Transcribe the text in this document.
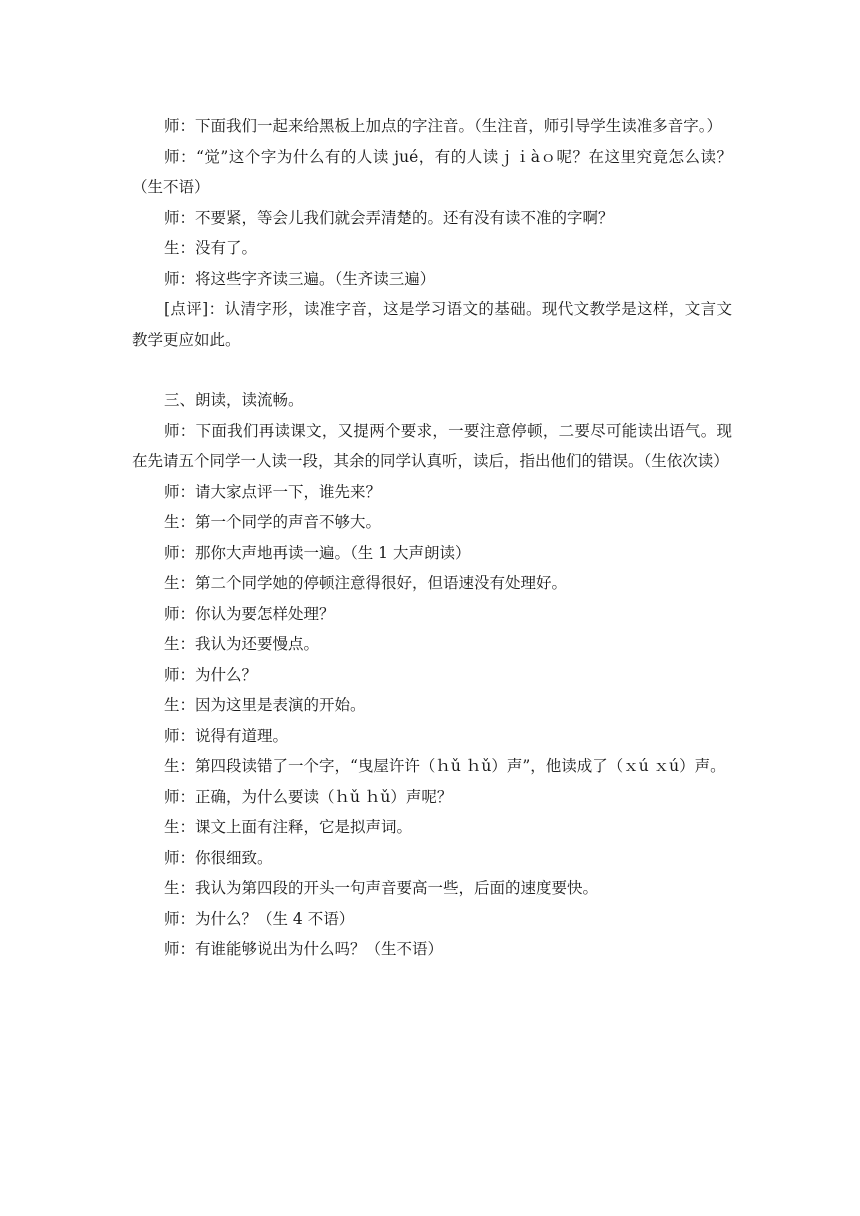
师：下面我们一起来给黑板上加点的字注音。（生注音，师引导学生读准多音字。）

师：“觉”这个字为什么有的人读 jué，有的人读ｊｉàｏ呢？在这里究竟怎么读？（生不语）

师：不要紧，等会儿我们就会弄清楚的。还有没有读不准的字啊？

生：没有了。

师：将这些字齐读三遍。（生齐读三遍）

[点评]：认清字形，读准字音，这是学习语文的基础。现代文教学是这样，文言文教学更应如此。

三、朗读，读流畅。

师：下面我们再读课文，又提两个要求，一要注意停顿，二要尽可能读出语气。现在先请五个同学一人读一段，其余的同学认真听，读后，指出他们的错误。（生依次读）

师：请大家点评一下，谁先来？

生：第一个同学的声音不够大。

师：那你大声地再读一遍。（生 1 大声朗读）

生：第二个同学她的停顿注意得很好，但语速没有处理好。

师：你认为要怎样处理？

生：我认为还要慢点。

师：为什么？

生：因为这里是表演的开始。

师：说得有道理。

生：第四段读错了一个字，“曳屋许许（ｈǔ ｈǔ）声”，他读成了（ｘú ｘú）声。

师：正确，为什么要读（ｈǔ ｈǔ）声呢？

生：课文上面有注释，它是拟声词。

师：你很细致。

生：我认为第四段的开头一句声音要高一些，后面的速度要快。

师：为什么？（生 4 不语）

师：有谁能够说出为什么吗？（生不语）
